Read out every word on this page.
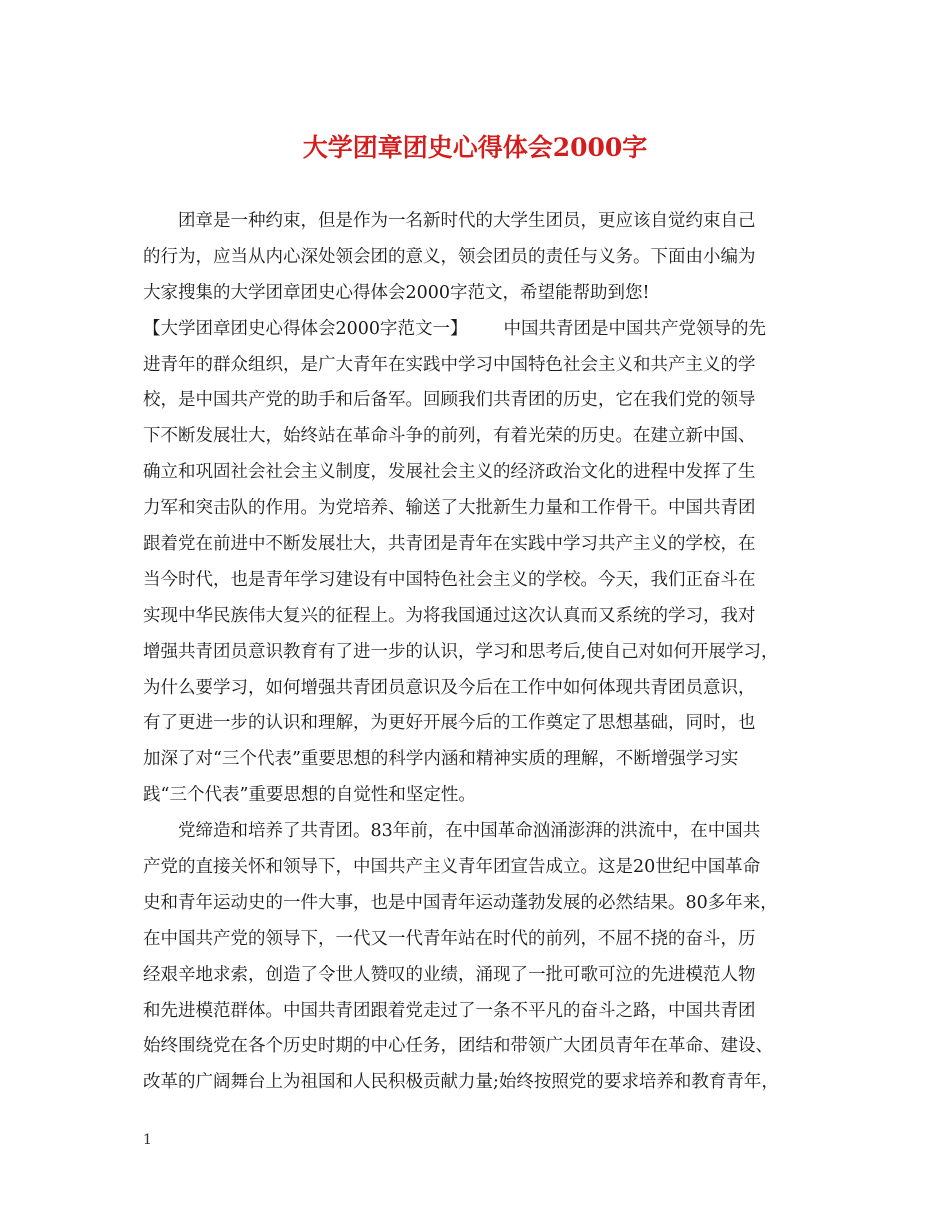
大学团章团史心得体会2000字

团章是一种约束，但是作为一名新时代的大学生团员，更应该自觉约束自己

的行为，应当从内心深处领会团的意义，领会团员的责任与义务。下面由小编为

大家搜集的大学团章团史心得体会2000字范文，希望能帮助到您!

【大学团章团史心得体会2000字范文一】 中国共青团是中国共产党领导的先

进青年的群众组织，是广大青年在实践中学习中国特色社会主义和共产主义的学

校，是中国共产党的助手和后备军。回顾我们共青团的历史，它在我们党的领导

下不断发展壮大，始终站在革命斗争的前列，有着光荣的历史。在建立新中国、

确立和巩固社会社会主义制度，发展社会主义的经济政治文化的进程中发挥了生

力军和突击队的作用。为党培养、输送了大批新生力量和工作骨干。中国共青团

跟着党在前进中不断发展壮大，共青团是青年在实践中学习共产主义的学校，在

当今时代，也是青年学习建设有中国特色社会主义的学校。今天，我们正奋斗在

实现中华民族伟大复兴的征程上。为将我国通过这次认真而又系统的学习，我对

增强共青团员意识教育有了进一步的认识，学习和思考后,使自己对如何开展学习，

为什么要学习，如何增强共青团员意识及今后在工作中如何体现共青团员意识，

有了更进一步的认识和理解，为更好开展今后的工作奠定了思想基础，同时，也

加深了对“三个代表”重要思想的科学内涵和精神实质的理解，不断增强学习实

践“三个代表”重要思想的自觉性和坚定性。

党缔造和培养了共青团。83年前，在中国革命汹涌澎湃的洪流中，在中国共

产党的直接关怀和领导下，中国共产主义青年团宣告成立。这是20世纪中国革命

史和青年运动史的一件大事，也是中国青年运动蓬勃发展的必然结果。80多年来，

在中国共产党的领导下，一代又一代青年站在时代的前列，不屈不挠的奋斗，历

经艰辛地求索，创造了令世人赞叹的业绩，涌现了一批可歌可泣的先进模范人物

和先进模范群体。中国共青团跟着党走过了一条不平凡的奋斗之路，中国共青团

始终围绕党在各个历史时期的中心任务，团结和带领广大团员青年在革命、建设、

改革的广阔舞台上为祖国和人民积极贡献力量;始终按照党的要求培养和教育青年，

1
